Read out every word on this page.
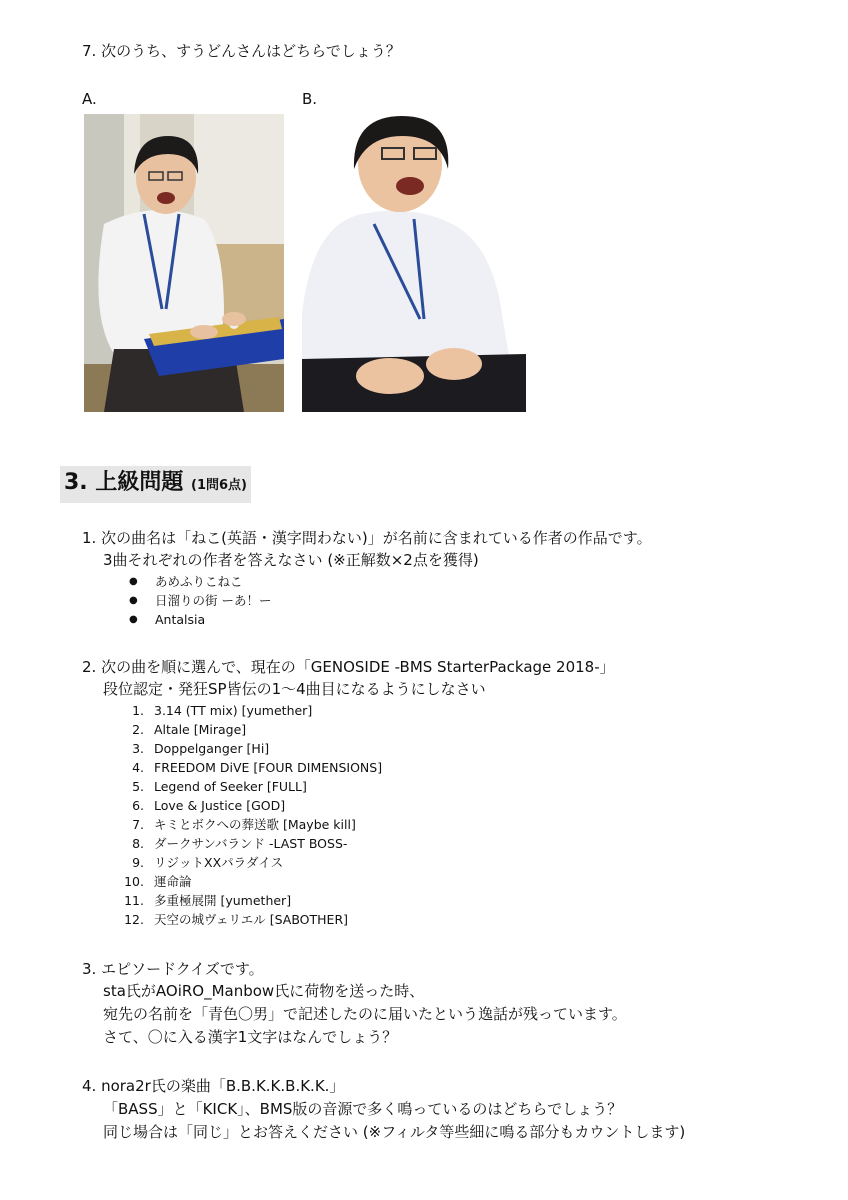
7. 次のうち、すうどんさんはどちらでしょう？
A.	B.
3. 上級問題 (1問6点)
1. 次の曲名は「ねこ(英語・漢字問わない)」が名前に含まれている作者の作品です。
3曲それぞれの作者を答えなさい (※正解数×2点を獲得)
● あめふりこねこ
● 日溜りの街 ーあ！ー
● Antalsia
2. 次の曲を順に選んで、現在の「GENOSIDE -BMS StarterPackage 2018-」
段位認定・発狂SP皆伝の1〜4曲目になるようにしなさい
1. 3.14 (TT mix) [yumether]
2. Altale [Mirage]
3. Doppelganger [Hi]
4. FREEDOM DiVE [FOUR DIMENSIONS]
5. Legend of Seeker [FULL]
6. Love & Justice [GOD]
7. キミとボクへの葬送歌 [Maybe kill]
8. ダークサンバランド -LAST BOSS-
9. リジットXXパラダイス
10. 運命論
11. 多重極展開 [yumether]
12. 天空の城ヴェリエル [SABOTHER]
3. エピソードクイズです。
sta氏がAOiRO_Manbow氏に荷物を送った時、
宛先の名前を「青色〇男」で記述したのに届いたという逸話が残っています。
さて、〇に入る漢字1文字はなんでしょう？
4. nora2r氏の楽曲「B.B.K.K.B.K.K.」
「BASS」と「KICK」、BMS版の音源で多く鳴っているのはどちらでしょう？
同じ場合は「同じ」とお答えください (※フィルタ等些細に鳴る部分もカウントします)
